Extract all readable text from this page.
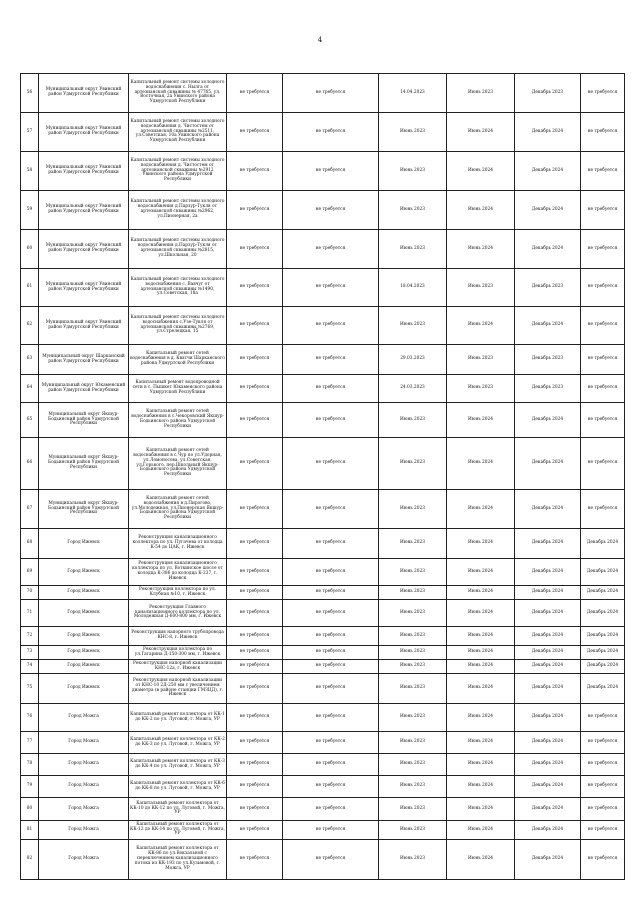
4
56	Муниципальный округ Увинский район Удмуртской Республики	Капитальный ремонт системы холодного водоснабжения с. Нылга от артезианской скважины № 47765, ул. Восточная, 2а Увинского района Удмуртской Республики	не требуется	не требуется	14.04.2023	Июнь 2023	Декабрь 2023	не требуется
57	Муниципальный округ Увинский район Удмуртской Республики	Капитальный ремонт системы холодного водоснабжения д. Чистостем от артезианской скважины №2511, ул.Советская, 10а Увинского района Удмуртской Республики	не требуется	не требуется	Июнь 2023	Июнь 2024	Декабрь 2024	не требуется
58	Муниципальный округ Увинский район Удмуртской Республики	Капитальный ремонт системы холодного водоснабжения д. Чистостем от артезианской скважины №2912 Увинского района Удмуртской Республики	не требуется	не требуется	Июнь 2023	Июнь 2024	Декабрь 2024	не требуется
59	Муниципальный округ Увинский район Удмуртской Республики	Капитальный ремонт системы холодного водоснабжения д.Парзур-Тукля от артезианской скважины №2962, ул.Пионерная, 2а	не требуется	не требуется	Июнь 2023	Июнь 2024	Декабрь 2024	не требуется
60	Муниципальный округ Увинский район Удмуртской Республики	Капитальный ремонт системы холодного водоснабжения д.Парзур-Тукля от артезианской скважины №2815, ул.Школьная, 20	не требуется	не требуется	Июнь 2023	Июнь 2024	Декабрь 2024	не требуется
61	Муниципальный округ Увинский район Удмуртской Республики	Капитальный ремонт системы холодного водоснабжения с. Вавчуг от артезианской скважины №1490, ул.Советская, 18а	не требуется	не требуется	18.04.2023	Июнь 2023	Декабрь 2023	не требуется
62	Муниципальный округ Увинский район Удмуртской Республики	Капитальный ремонт системы холодного водоснабжения с.Узе-Тукля от артезианской скважины №2769, ул.Стрелецкая, 15	не требуется	не требуется	Июнь 2023	Июнь 2024	Декабрь 2024	не требуется
63	Муниципальный округ Шарканский район Удмуртской Республики	Капитальный ремонт сетей водоснабжения в д. Кватчи Шарканского района Удмуртской Республики	не требуется	не требуется	29.03.2023	Июнь 2023	Декабрь 2023	не требуется
64	Муниципальный округ Юкаменский район Удмуртской Республики	Капитальный ремонт водопроводной сети в с. Пышкет Юкаменского района Удмуртской Республики	не требуется	не требуется	24.03.2023	Июнь 2023	Декабрь 2023	не требуется
65	Муниципальный округ Якшур-Бодьинский район Удмуртской Республики	Капитальный ремонт сетей водоснабжения в с.Կекоровский Якшур-Бодьинского района Удмуртской Республики	не требуется	не требуется	Июнь 2023	Июнь 2024	Декабрь 2024	не требуется
66	Муниципальный округ Якшур-Бодьинский район Удмуртской Республики	Капитальный ремонт сетей водоснабжения в с.Чур по ул.Удорная, ул.Ломоносова, ул.Советская, ул.Горького, пер.Школьный Якшур-Бодьинского района Удмуртской Республики	не требуется	не требуется	Июнь 2023	Июнь 2024	Декабрь 2024	не требуется
67	Муниципальный округ Якшур-Бодьинский район Удмуртской Республики	Капитальный ремонт сетей водоснабжения в д.Пирогово, ул.Молодежная, ул.Пионерская Якшур-Бодьинского района Удмуртской Республики	не требуется	не требуется	Июнь 2023	Июнь 2024	Декабрь 2024	не требуется
68	Город Ижевск	Реконструкция канализационного коллектора по ул. Пугачева от колодца К-54 до ЦАК, г. Ижевск	не требуется	не требуется	Июнь 2023	Июнь 2024	Декабрь 2024	Декабрь 2024
69	Город Ижевск	Реконструкция канализационного коллектора по ул. Воткинское шоссе от колодца К-386 до колодца К-237, г. Ижевск	не требуется	не требуется	Июнь 2023	Июнь 2024	Декабрь 2024	Декабрь 2024
70	Город Ижевск	Реконструкция коллектора по ул. Клубная №10, г. Ижевск	не требуется	не требуется	Июнь 2023	Июнь 2024	Декабрь 2024	Декабрь 2024
71	Город Ижевск	Реконструкция Главного канализационного коллектора по ул. Молодежная Д-600-800 мм, г. Ижевск	не требуется	не требуется	Июнь 2023	Июнь 2024	Декабрь 2024	Декабрь 2024
72	Город Ижевск	Реконструкция напорного трубопровода КНС-8, г. Ижевск	не требуется	не требуется	Июнь 2023	Июнь 2024	Декабрь 2024	Декабрь 2024
73	Город Ижевск	Реконструкция коллектора по ул.Гагарина Д-150-300 мм, г. Ижевск	не требуется	не требуется	Июнь 2023	Июнь 2024	Декабрь 2024	Декабрь 2024
74	Город Ижевск	Реконструкция напорной канализации КНС-12а, г. Ижевск	не требуется	не требуется	Июнь 2023	Июнь 2024	Декабрь 2024	Декабрь 2024
75	Город Ижевск	Реконструкция напорной канализации от КНС-10 2Д-250 мм с увеличением диаметра (в районе станции ГМЗЦД), г. Ижевск	не требуется	не требуется	Июнь 2023	Июнь 2024	Декабрь 2024	Декабрь 2024
76	Город Можга	Капитальный ремонт коллектора от КК-1 до КК-2 по ул. Луговой, г. Можга, УР	не требуется	не требуется	Июнь 2023	Июнь 2024	Декабрь 2024	не требуется
77	Город Можга	Капитальный ремонт коллектора от КК-2 до КК-3 по ул. Луговой, г. Можга, УР	не требуется	не требуется	Июнь 2023	Июнь 2024	Декабрь 2024	не требуется
78	Город Можга	Капитальный ремонт коллектора от КК-3 до КК-4 по ул. Луговой, г. Можга, УР	не требуется	не требуется	Июнь 2023	Июнь 2024	Декабрь 2024	не требуется
79	Город Можга	Капитальный ремонт коллектора от КК-6 до КК-8 по ул. Луговой, г. Можга, УР	не требуется	не требуется	Июнь 2023	Июнь 2024	Декабрь 2024	не требуется
80	Город Можга	Капитальный ремонт коллектора от КК-10 до КК-12 по ул. Луговой, г. Можга, УР	не требуется	не требуется	Июнь 2023	Июнь 2024	Декабрь 2024	не требуется
81	Город Можга	Капитальный ремонт коллектора от КК-12 до КК-14 по ул. Луговой, г. Можга, УР	не требуется	не требуется	Июнь 2023	Июнь 2024	Декабрь 2024	не требуется
82	Город Можга	Капитальный ремонт коллектора от КК-86 по ул.Вокзальной с переключением канализационного потока из КК-193 по ул.Кузьмовой, г. Можга, УР	не требуется	не требуется	Июнь 2023	Июнь 2024	Декабрь 2024	не требуется
